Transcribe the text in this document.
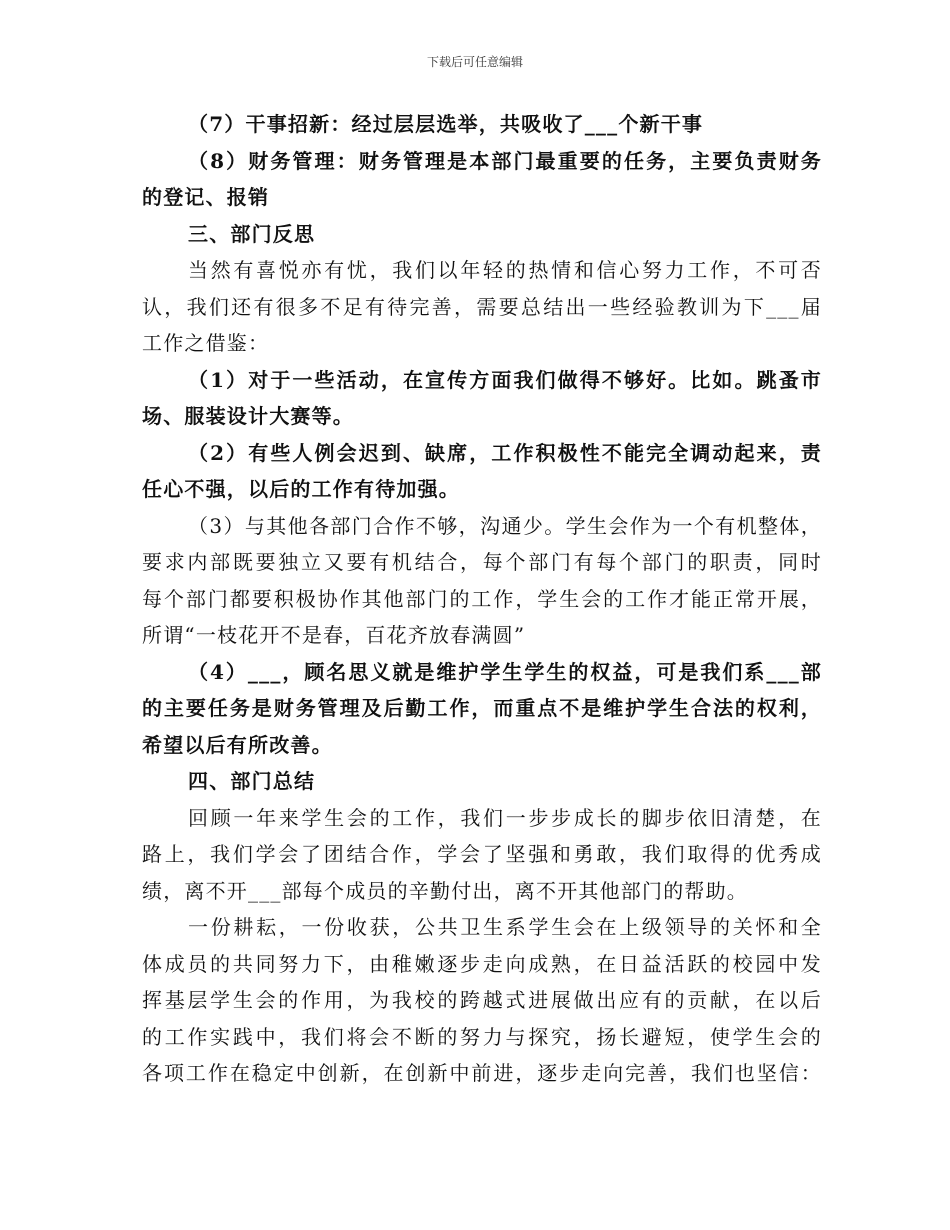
下载后可任意编辑
（7）干事招新：经过层层选举，共吸收了___个新干事
（8）财务管理：财务管理是本部门最重要的任务，主要负责财务
的登记、报销
三、部门反思
当然有喜悦亦有忧，我们以年轻的热情和信心努力工作，不可否
认，我们还有很多不足有待完善，需要总结出一些经验教训为下___届
工作之借鉴：
（1）对于一些活动，在宣传方面我们做得不够好。比如。跳蚤市
场、服装设计大赛等。
（2）有些人例会迟到、缺席，工作积极性不能完全调动起来，责
任心不强，以后的工作有待加强。
（3）与其他各部门合作不够，沟通少。学生会作为一个有机整体，
要求内部既要独立又要有机结合，每个部门有每个部门的职责，同时
每个部门都要积极协作其他部门的工作，学生会的工作才能正常开展，
所谓“一枝花开不是春，百花齐放春满圆”
（4）___，顾名思义就是维护学生学生的权益，可是我们系___部
的主要任务是财务管理及后勤工作，而重点不是维护学生合法的权利，
希望以后有所改善。
四、部门总结
回顾一年来学生会的工作，我们一步步成长的脚步依旧清楚，在
路上，我们学会了团结合作，学会了坚强和勇敢，我们取得的优秀成
绩，离不开___部每个成员的辛勤付出，离不开其他部门的帮助。
一份耕耘，一份收获，公共卫生系学生会在上级领导的关怀和全
体成员的共同努力下，由稚嫩逐步走向成熟，在日益活跃的校园中发
挥基层学生会的作用，为我校的跨越式进展做出应有的贡献，在以后
的工作实践中，我们将会不断的努力与探究，扬长避短，使学生会的
各项工作在稳定中创新，在创新中前进，逐步走向完善，我们也坚信：
